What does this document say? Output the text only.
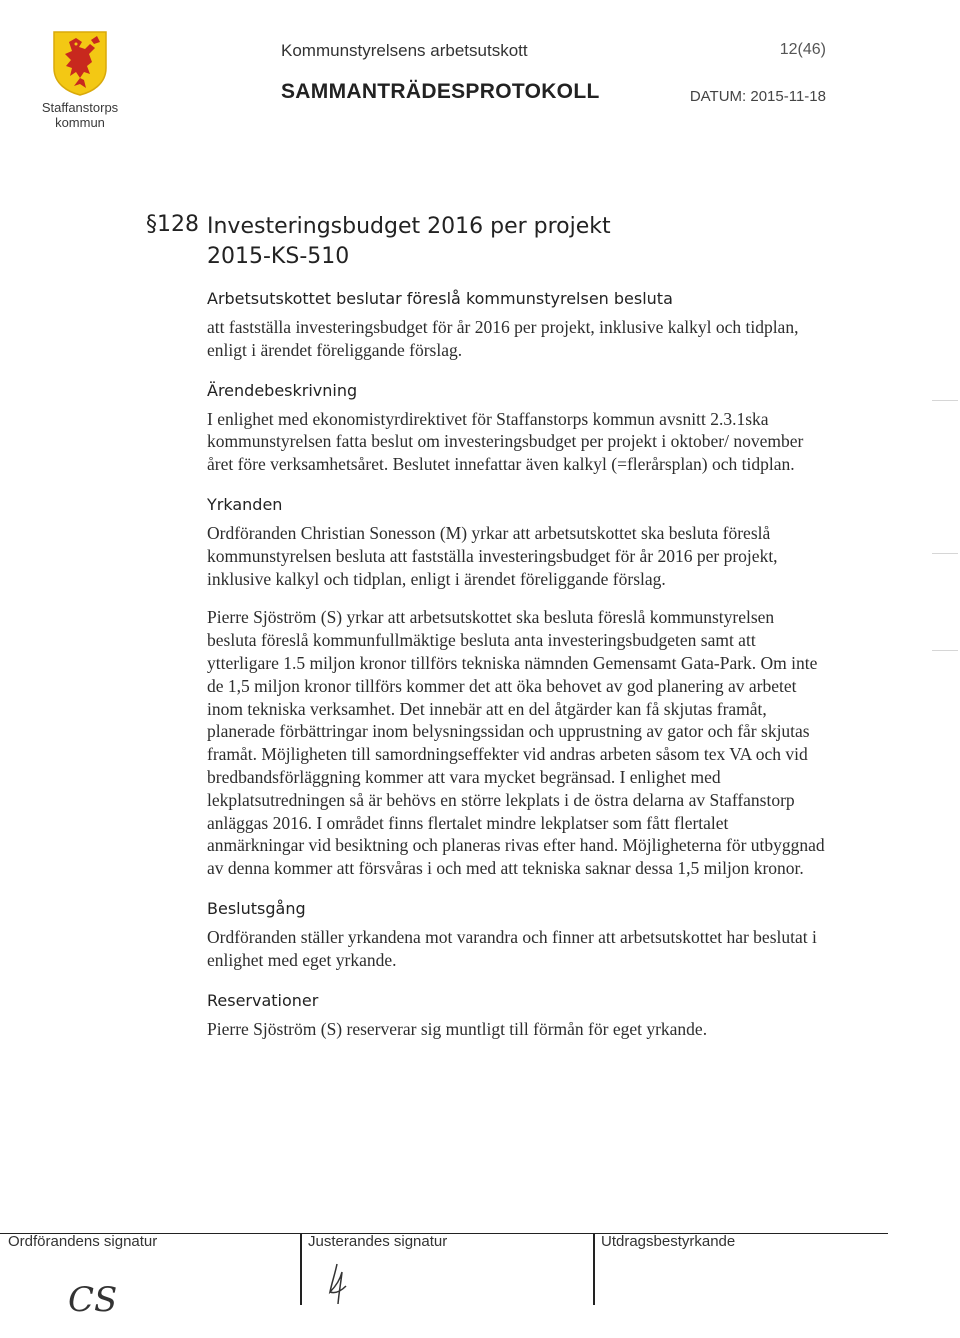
Staffanstorps
kommun
Kommunstyrelsens arbetsutskott	12(46)
SAMMANTRÄDESPROTOKOLL	DATUM: 2015-11-18
§128 Investeringsbudget 2016 per projekt
2015-KS-510
Arbetsutskottet beslutar föreslå kommunstyrelsen besluta

att fastställa investeringsbudget för år 2016 per projekt, inklusive kalkyl och tidplan, enligt i ärendet föreliggande förslag.

Ärendebeskrivning

I enlighet med ekonomistyrdirektivet för Staffanstorps kommun avsnitt 2.3.1ska kommunstyrelsen fatta beslut om investeringsbudget per projekt i oktober/ november året före verksamhetsåret. Beslutet innefattar även kalkyl (=flerårsplan) och tidplan.

Yrkanden

Ordföranden Christian Sonesson (M) yrkar att arbetsutskottet ska besluta föreslå kommunstyrelsen besluta att fastställa investeringsbudget för år 2016 per projekt, inklusive kalkyl och tidplan, enligt i ärendet föreliggande förslag.

Pierre Sjöström (S) yrkar att arbetsutskottet ska besluta föreslå kommunstyrelsen besluta föreslå kommunfullmäktige besluta anta investeringsbudgeten samt att ytterligare 1.5 miljon kronor tillförs tekniska nämnden Gemensamt Gata-Park. Om inte de 1,5 miljon kronor tillförs kommer det att öka behovet av god planering av arbetet inom tekniska verksamhet. Det innebär att en del åtgärder kan få skjutas framåt, planerade förbättringar inom belysningssidan och upprustning av gator och får skjutas framåt. Möjligheten till samordningseffekter vid andras arbeten såsom tex VA och vid bredbandsförläggning kommer att vara mycket begränsad. I enlighet med lekplatsutredningen så är behövs en större lekplats i de östra delarna av Staffanstorp anläggas 2016. I området finns flertalet mindre lekplatser som fått flertalet anmärkningar vid besiktning och planeras rivas efter hand. Möjligheterna för utbyggnad av denna kommer att försvåras i och med att tekniska saknar dessa 1,5 miljon kronor.

Beslutsgång

Ordföranden ställer yrkandena mot varandra och finner att arbetsutskottet har beslutat i enlighet med eget yrkande.

Reservationer

Pierre Sjöström (S) reserverar sig muntligt till förmån för eget yrkande.

Ordförandens signatur	Justerandes signatur	Utdragsbestyrkande
CS
